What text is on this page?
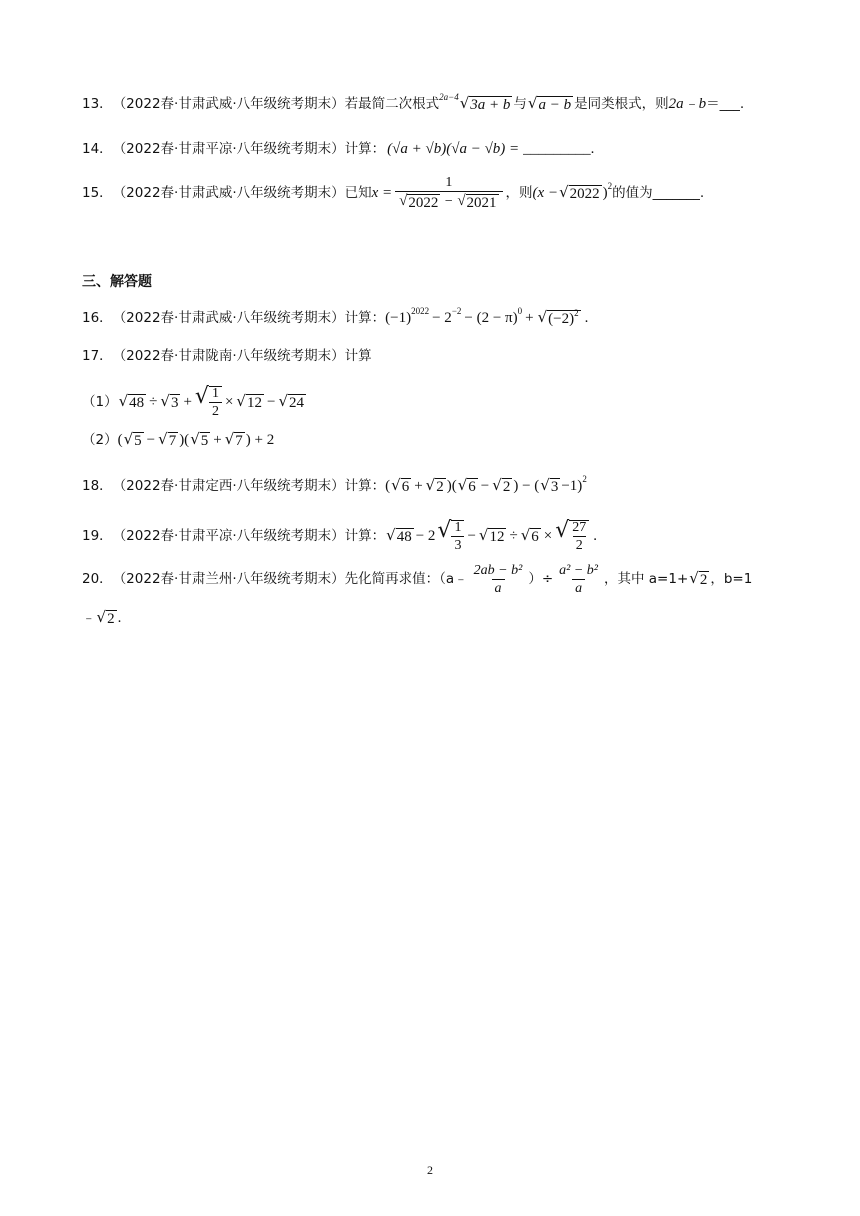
13． （2022春·甘肃武威·八年级统考期末） 若最简二次根式 2a−4 √ 3a + b 与 √ a − b 是同类根式，则 2a﹣b ＝___.
14． （2022春·甘肃平凉·八年级统考期末） 计算： (√a + √b)(√a − √b) = _________.
15． （2022春·甘肃武威·八年级统考期末） 已知 $x = \frac{1}{√ 2022 - √ 2021}$ ，则 (x − √ 2022 ) 2 的值为_______.
三、解答题
16． （2022春·甘肃武威·八年级统考期末） 计算： (−1) 2022 − 2 −2 − (2 − π) 0 + √ $(-2)^2$ .
17． （2022春·甘肃陇南·八年级统考期末） 计算
（1） √ 48 ÷ √ 3 + √ $\frac{1}{2}$ × √ 12 − √ 24
（2） ( √ 5 − √ 7 )( √ 5 + √ 7 ) + 2
18． （2022春·甘肃定西·八年级统考期末） 计算： ( √ 6 + √ 2 )( √ 6 − √ 2 ) − ( √ 3 −1) 2
19． （2022春·甘肃平凉·八年级统考期末） 计算： √ 48 − 2 √ $\frac{1}{3}$ − √ 12 ÷ √ 6 × √ $\frac{27}{2}$ .
20． （2022春·甘肃兰州·八年级统考期末） 先化简再求值：（a﹣ $\frac{\text{2ab − b²}}{a}$ ）÷ $\frac{\text{a² − b²}}{a}$ ，其中 a=1+ √ 2 ，b=1
﹣ √ 2 .
2
